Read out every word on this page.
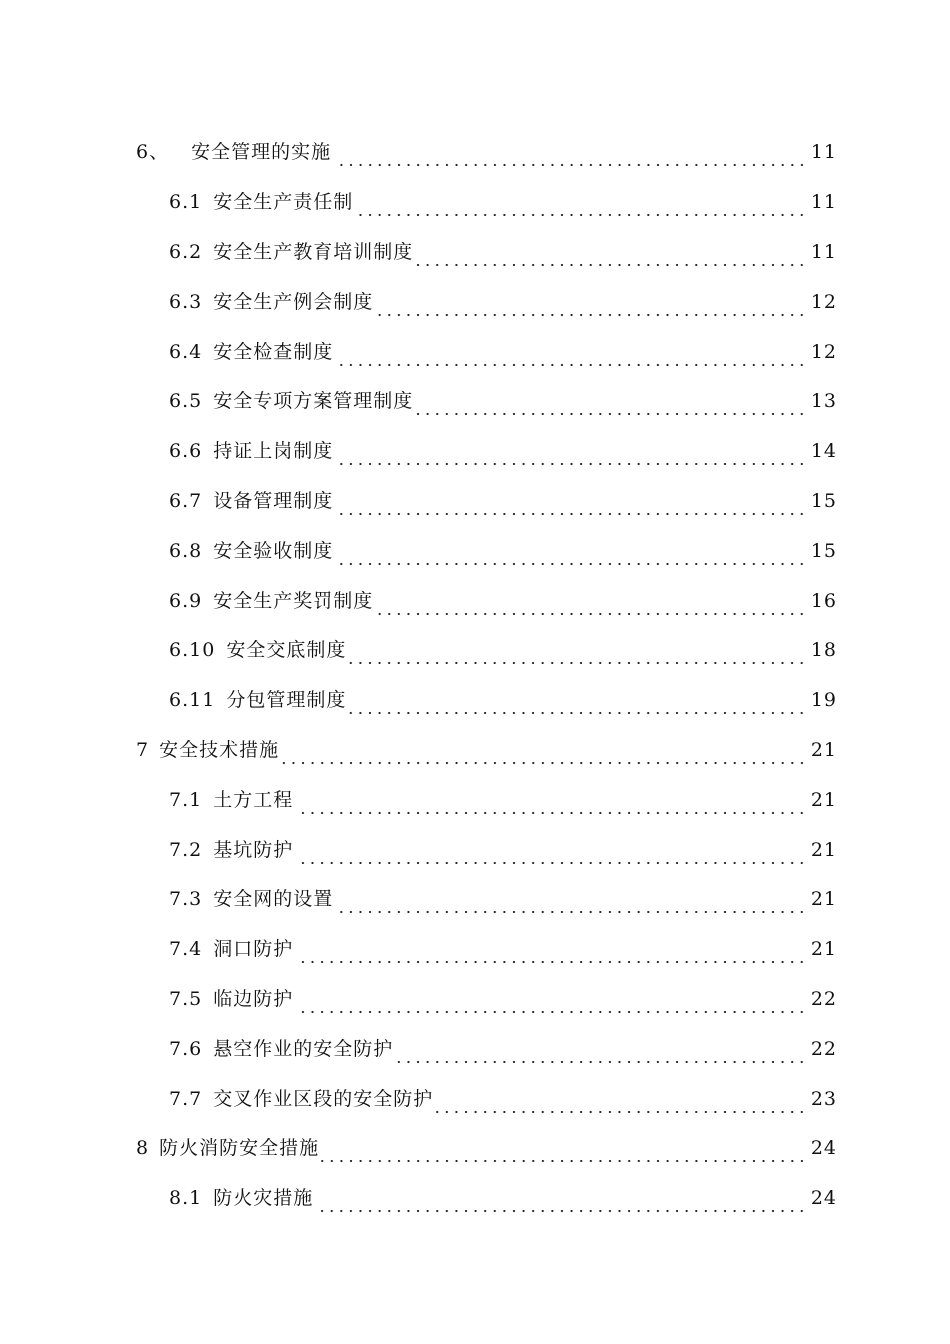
6、 安全管理的实施	11
6.1 安全生产责任制	11
6.2 安全生产教育培训制度	11
6.3 安全生产例会制度	12
6.4 安全检查制度	12
6.5 安全专项方案管理制度	13
6.6 持证上岗制度	14
6.7 设备管理制度	15
6.8 安全验收制度	15
6.9 安全生产奖罚制度	16
6.10 安全交底制度	18
6.11 分包管理制度	19
7 安全技术措施	21
7.1 土方工程	21
7.2 基坑防护	21
7.3 安全网的设置	21
7.4 洞口防护	21
7.5 临边防护	22
7.6 悬空作业的安全防护	22
7.7 交叉作业区段的安全防护	23
8 防火消防安全措施	24
8.1 防火灾措施	24
